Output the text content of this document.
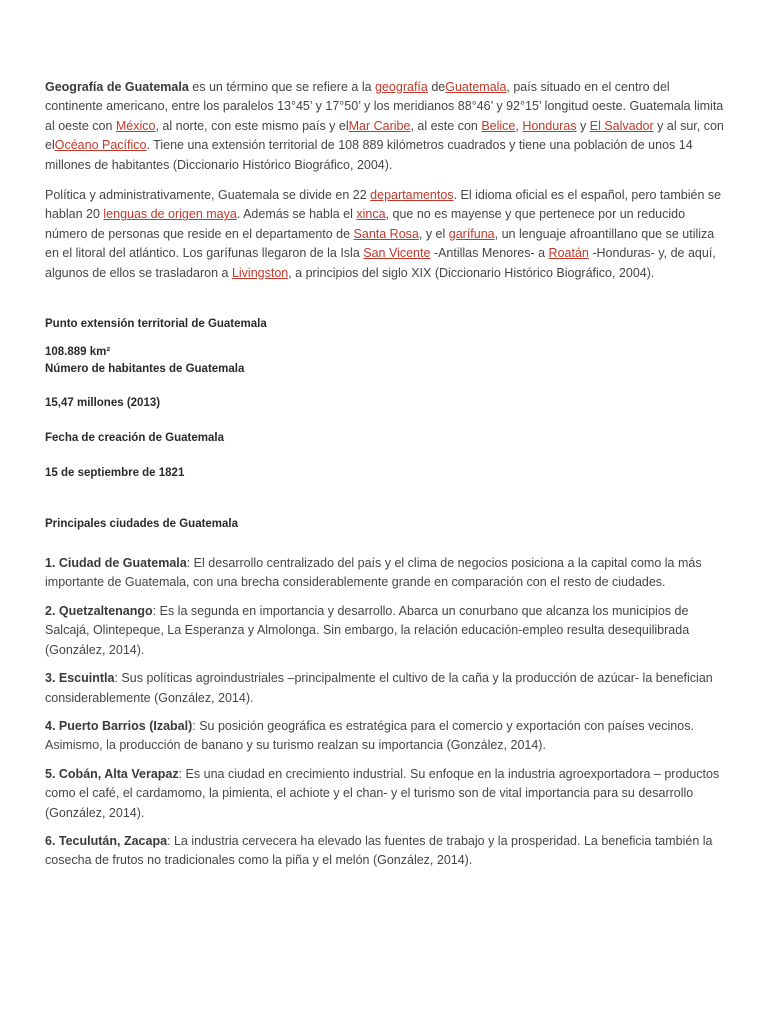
Geografía de Guatemala es un término que se refiere a la geografía deGuatemala, país situado en el centro del continente americano, entre los paralelos 13°45’ y 17°50’ y los meridianos 88°46’ y 92°15’ longitud oeste. Guatemala limita al oeste con México, al norte, con este mismo país y elMar Caribe, al este con Belice, Honduras y El Salvador y al sur, con elOcéano Pacífico. Tiene una extensión territorial de 108 889 kilómetros cuadrados y tiene una población de unos 14 millones de habitantes (Diccionario Histórico Biográfico, 2004).

Política y administrativamente, Guatemala se divide en 22 departamentos. El idioma oficial es el español, pero también se hablan 20 lenguas de origen maya. Además se habla el xinca, que no es mayense y que pertenece por un reducido número de personas que reside en el departamento de Santa Rosa, y el garífuna, un lenguaje afroantillano que se utiliza en el litoral del atlántico. Los garífunas llegaron de la Isla San Vicente -Antillas Menores- a Roatán -Honduras- y, de aquí, algunos de ellos se trasladaron a Livingston, a principios del siglo XIX (Diccionario Histórico Biográfico, 2004).

Punto extensión territorial de Guatemala

108.889 km²

Número de habitantes de Guatemala

15,47 millones (2013)

Fecha de creación de Guatemala

15 de septiembre de 1821

Principales ciudades de Guatemala

1. Ciudad de Guatemala: El desarrollo centralizado del país y el clima de negocios posiciona a la capital como la más importante de Guatemala, con una brecha considerablemente grande en comparación con el resto de ciudades.

2. Quetzaltenango: Es la segunda en importancia y desarrollo. Abarca un conurbano que alcanza los municipios de Salcajá, Olintepeque, La Esperanza y Almolonga. Sin embargo, la relación educación-empleo resulta desequilibrada (González, 2014).

3. Escuintla: Sus políticas agroindustriales –principalmente el cultivo de la caña y la producción de azúcar- la benefician considerablemente (González, 2014).

4. Puerto Barrios (Izabal): Su posición geográfica es estratégica para el comercio y exportación con países vecinos. Asimismo, la producción de banano y su turismo realzan su importancia (González, 2014).

5. Cobán, Alta Verapaz: Es una ciudad en crecimiento industrial. Su enfoque en la industria agroexportadora – productos como el café, el cardamomo, la pimienta, el achiote y el chan- y el turismo son de vital importancia para su desarrollo (González, 2014).

6. Teculután, Zacapa: La industria cervecera ha elevado las fuentes de trabajo y la prosperidad. La beneficia también la cosecha de frutos no tradicionales como la piña y el melón (González, 2014).
